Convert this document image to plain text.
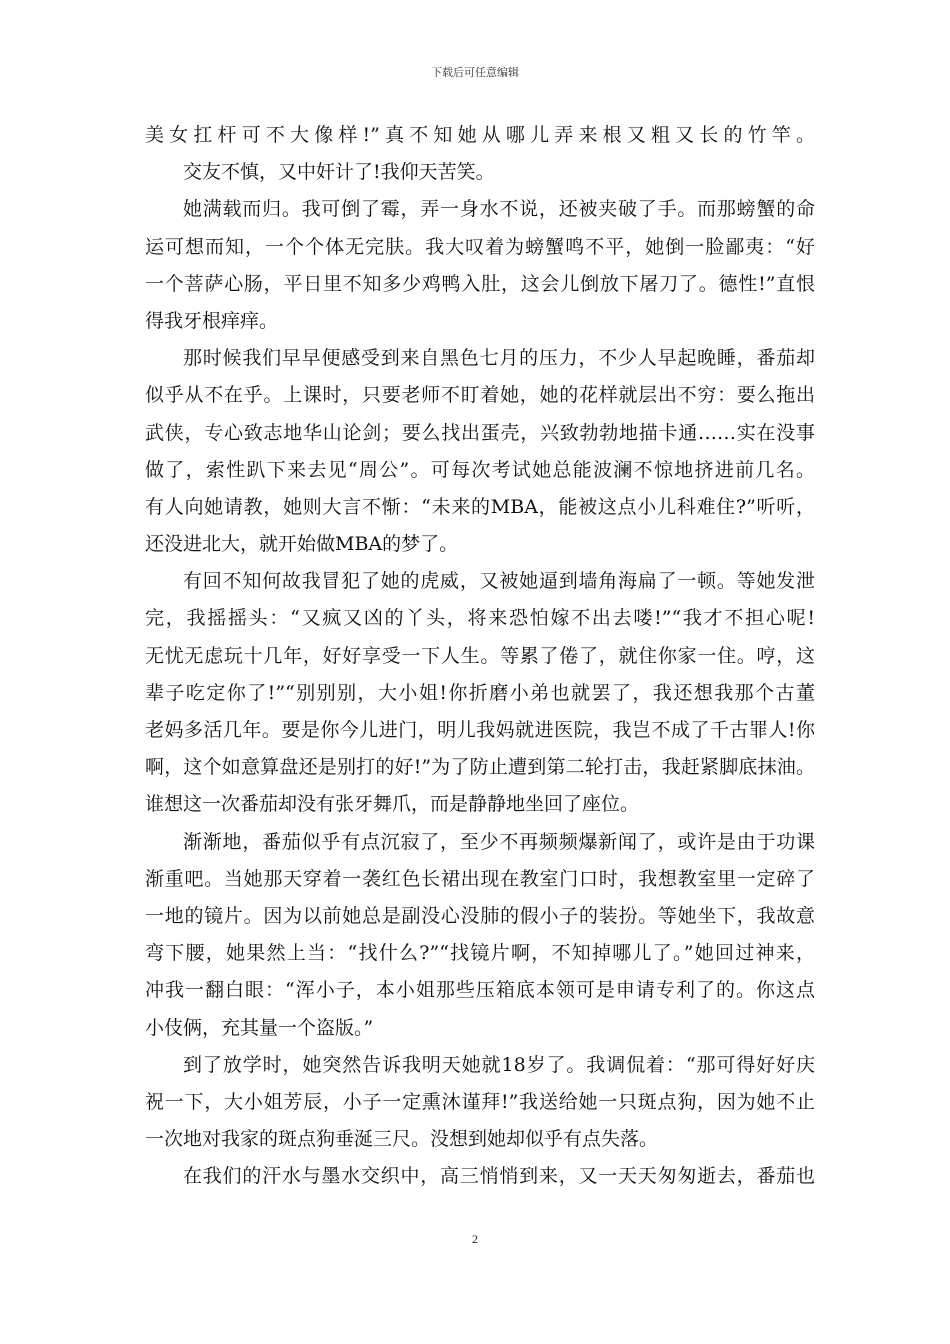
下载后可任意编辑
美女扛杆可不大像样!”真不知她从哪儿弄来根又粗又长的竹竿。
交友不慎，又中奸计了!我仰天苦笑。
她满载而归。我可倒了霉，弄一身水不说，还被夹破了手。而那螃蟹的命
运可想而知，一个个体无完肤。我大叹着为螃蟹鸣不平，她倒一脸鄙夷：“好
一个菩萨心肠，平日里不知多少鸡鸭入肚，这会儿倒放下屠刀了。德性!”直恨
得我牙根痒痒。
那时候我们早早便感受到来自黑色七月的压力，不少人早起晚睡，番茄却
似乎从不在乎。上课时，只要老师不盯着她，她的花样就层出不穷：要么拖出
武侠，专心致志地华山论剑；要么找出蛋壳，兴致勃勃地描卡通……实在没事
做了，索性趴下来去见“周公”。可每次考试她总能波澜不惊地挤进前几名。
有人向她请教，她则大言不惭：“未来的MBA，能被这点小儿科难住?”听听，
还没进北大，就开始做MBA的梦了。
有回不知何故我冒犯了她的虎威，又被她逼到墙角海扁了一顿。等她发泄
完，我摇摇头：“又疯又凶的丫头，将来恐怕嫁不出去喽!”“我才不担心呢!
无忧无虑玩十几年，好好享受一下人生。等累了倦了，就住你家一住。哼，这
辈子吃定你了!”“别别别，大小姐!你折磨小弟也就罢了，我还想我那个古董
老妈多活几年。要是你今儿进门，明儿我妈就进医院，我岂不成了千古罪人!你
啊，这个如意算盘还是别打的好!”为了防止遭到第二轮打击，我赶紧脚底抹油。
谁想这一次番茄却没有张牙舞爪，而是静静地坐回了座位。
渐渐地，番茄似乎有点沉寂了，至少不再频频爆新闻了，或许是由于功课
渐重吧。当她那天穿着一袭红色长裙出现在教室门口时，我想教室里一定碎了
一地的镜片。因为以前她总是副没心没肺的假小子的装扮。等她坐下，我故意
弯下腰，她果然上当：“找什么?”“找镜片啊，不知掉哪儿了。”她回过神来，
冲我一翻白眼：“浑小子，本小姐那些压箱底本领可是申请专利了的。你这点
小伎俩，充其量一个盗版。”
到了放学时，她突然告诉我明天她就18岁了。我调侃着：“那可得好好庆
祝一下，大小姐芳辰，小子一定熏沐谨拜!”我送给她一只斑点狗，因为她不止
一次地对我家的斑点狗垂涎三尺。没想到她却似乎有点失落。
在我们的汗水与墨水交织中，高三悄悄到来，又一天天匆匆逝去，番茄也
2
